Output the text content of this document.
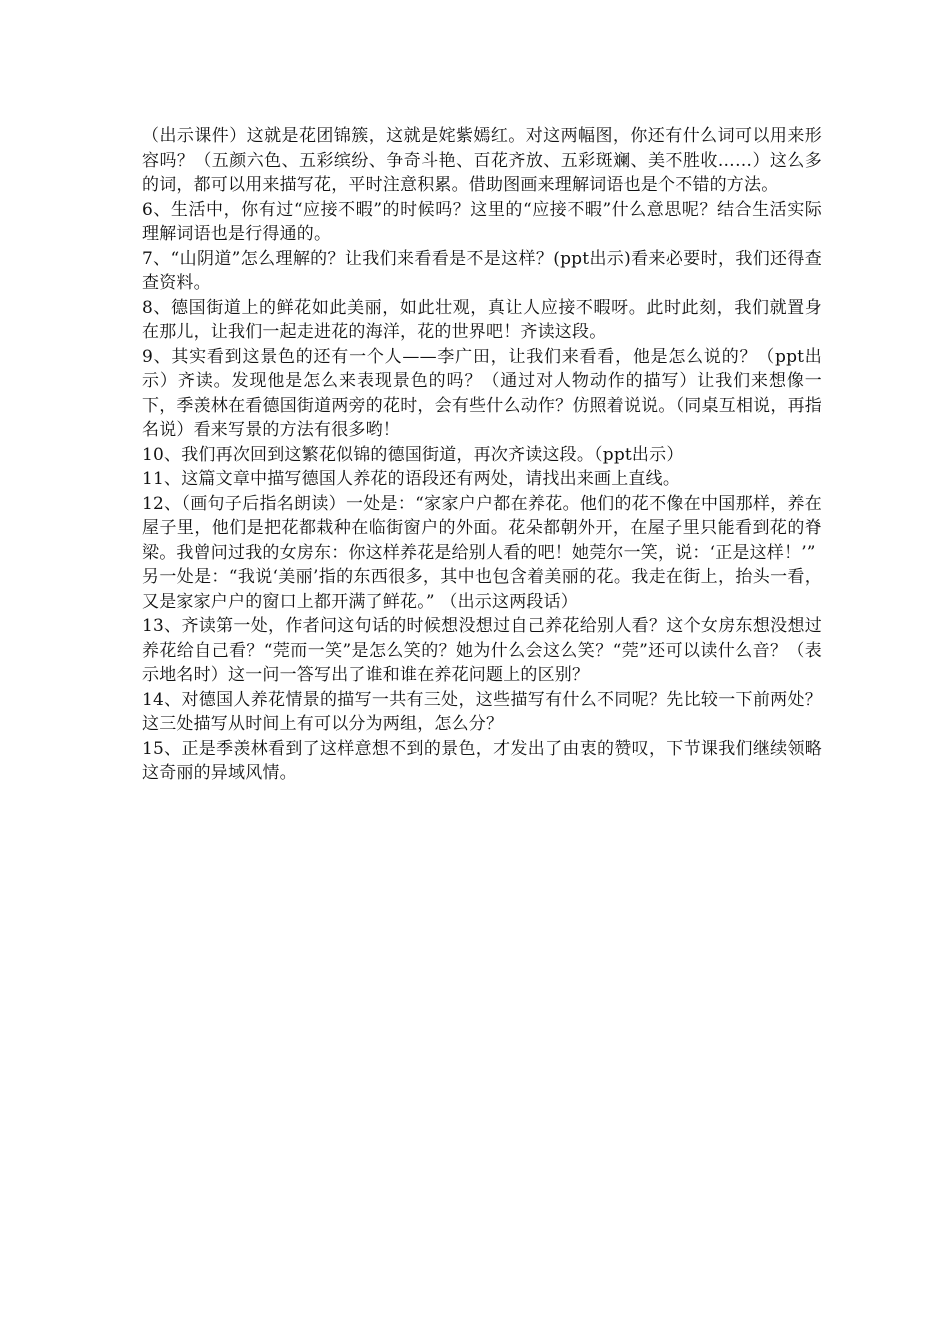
（出示课件）这就是花团锦簇，这就是姹紫嫣红。对这两幅图，你还有什么词可以用来形容吗？（五颜六色、五彩缤纷、争奇斗艳、百花齐放、五彩斑斓、美不胜收……）这么多的词，都可以用来描写花，平时注意积累。借助图画来理解词语也是个不错的方法。

6、生活中，你有过“应接不暇”的时候吗？这里的“应接不暇”什么意思呢？结合生活实际理解词语也是行得通的。

7、“山阴道”怎么理解的？让我们来看看是不是这样？(ppt出示)看来必要时，我们还得查查资料。

8、德国街道上的鲜花如此美丽，如此壮观，真让人应接不暇呀。此时此刻，我们就置身在那儿，让我们一起走进花的海洋，花的世界吧！齐读这段。

9、其实看到这景色的还有一个人——李广田，让我们来看看，他是怎么说的？（ppt出示）齐读。发现他是怎么来表现景色的吗？（通过对人物动作的描写）让我们来想像一下，季羡林在看德国街道两旁的花时，会有些什么动作？仿照着说说。（同桌互相说，再指名说）看来写景的方法有很多哟！

10、我们再次回到这繁花似锦的德国街道，再次齐读这段。（ppt出示）

11、这篇文章中描写德国人养花的语段还有两处，请找出来画上直线。

12、（画句子后指名朗读）一处是：“家家户户都在养花。他们的花不像在中国那样，养在屋子里，他们是把花都栽种在临街窗户的外面。花朵都朝外开，在屋子里只能看到花的脊梁。我曾问过我的女房东：你这样养花是给别人看的吧！她莞尔一笑，说：‘正是这样！’”

另一处是：“我说‘美丽’指的东西很多，其中也包含着美丽的花。我走在街上，抬头一看，又是家家户户的窗口上都开满了鲜花。” （出示这两段话）

13、齐读第一处，作者问这句话的时候想没想过自己养花给别人看？这个女房东想没想过养花给自己看？“莞而一笑”是怎么笑的？她为什么会这么笑？“莞”还可以读什么音？（表示地名时）这一问一答写出了谁和谁在养花问题上的区别？

14、对德国人养花情景的描写一共有三处，这些描写有什么不同呢？先比较一下前两处？这三处描写从时间上有可以分为两组，怎么分？

15、正是季羡林看到了这样意想不到的景色，才发出了由衷的赞叹，下节课我们继续领略这奇丽的异域风情。
